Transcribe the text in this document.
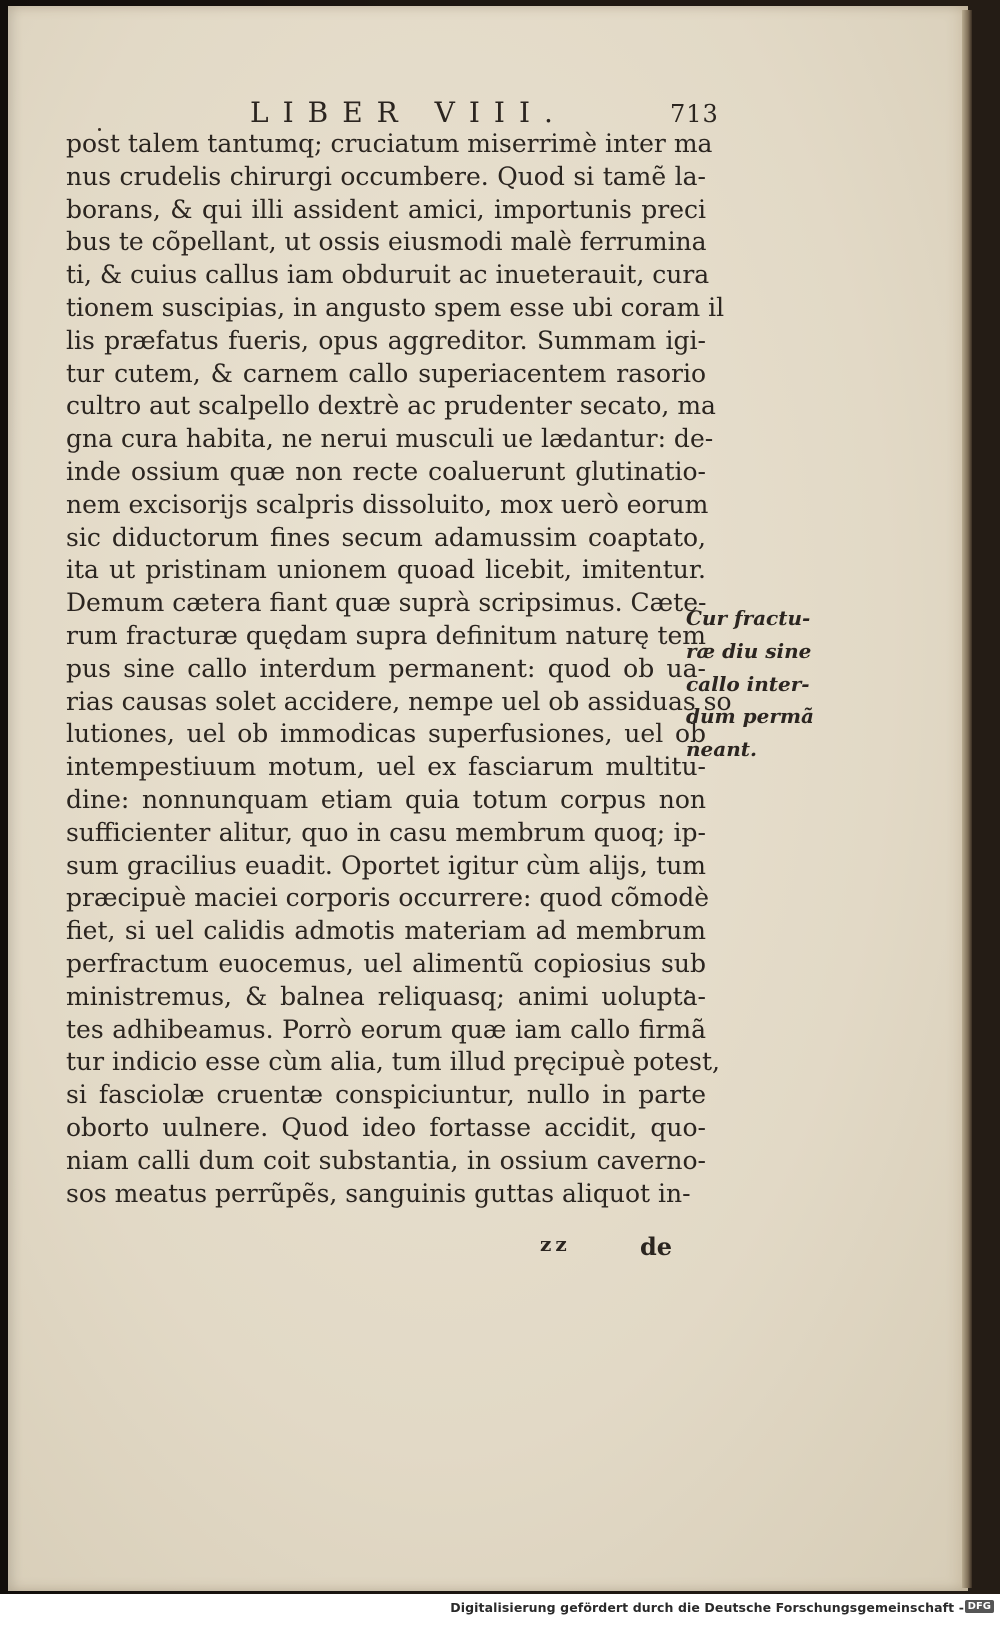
LIBER VIII.	713
post talem tantumq; cruciatum miserrimè inter ma
nus crudelis chirurgi occumbere. Quod si tamẽ la-
borans, & qui illi assident amici, importunis preci
bus te cõpellant, ut ossis eiusmodi malè ferrumina
ti, & cuius callus iam obduruit ac inueterauit, cura
tionem suscipias, in angusto spem esse ubi coram il
lis præfatus fueris, opus aggreditor. Summam igi-
tur cutem, & carnem callo superiacentem rasorio
cultro aut scalpello dextrè ac prudenter secato, ma
gna cura habita, ne nerui musculi ue lædantur: de-
inde ossium quæ non recte coaluerunt glutinatio-
nem excisorijs scalpris dissoluito, mox uerò eorum
sic diductorum fines secum adamussim coaptato,
ita ut pristinam unionem quoad licebit, imitentur.
Demum cætera fiant quæ suprà scripsimus. Cæte-
rum fracturæ quędam supra definitum naturę tem
pus sine callo interdum permanent: quod ob ua-
rias causas solet accidere, nempe uel ob assiduas so
lutiones, uel ob immodicas superfusiones, uel ob
intempestiuum motum, uel ex fasciarum multitu-
dine: nonnunquam etiam quia totum corpus non
sufficienter alitur, quo in casu membrum quoq; ip-
sum gracilius euadit. Oportet igitur cùm alijs, tum
præcipuè maciei corporis occurrere: quod cõmodè
fiet, si uel calidis admotis materiam ad membrum
perfractum euocemus, uel alimentũ copiosius sub
ministremus, & balnea reliquasq; animi uolupta-
tes adhibeamus. Porrò eorum quæ iam callo firmã
tur indicio esse cùm alia, tum illud pręcipuè potest,
si fasciolæ cruentæ conspiciuntur, nullo in parte
oborto uulnere. Quod ideo fortasse accidit, quo-
niam calli dum coit substantia, in ossium caverno-
sos meatus perrũpẽs, sanguinis guttas aliquot in-
Cur fractu-
ræ diu sine
callo inter-
dum permã
neant.
zz	de
Digitalisierung gefördert durch die Deutsche Forschungsgemeinschaft - DFG
